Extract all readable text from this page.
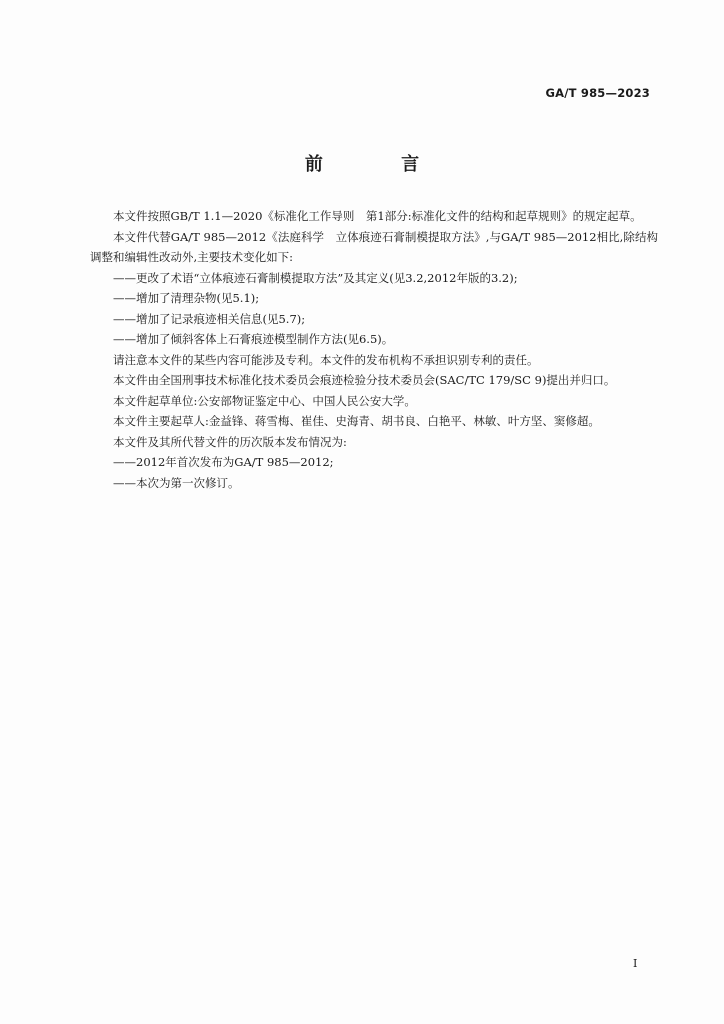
GA/T 985—2023
前 言

本文件按照GB/T 1.1—2020《标准化工作导则　第1部分:标准化文件的结构和起草规则》的规定起草。

本文件代替GA/T 985—2012《法庭科学　立体痕迹石膏制模提取方法》,与GA/T 985—2012相比,除结构调整和编辑性改动外,主要技术变化如下:

——更改了术语“立体痕迹石膏制模提取方法”及其定义(见3.2,2012年版的3.2);

——增加了清理杂物(见5.1);

——增加了记录痕迹相关信息(见5.7);

——增加了倾斜客体上石膏痕迹模型制作方法(见6.5)。

请注意本文件的某些内容可能涉及专利。本文件的发布机构不承担识别专利的责任。

本文件由全国刑事技术标准化技术委员会痕迹检验分技术委员会(SAC/TC 179/SC 9)提出并归口。

本文件起草单位:公安部物证鉴定中心、中国人民公安大学。

本文件主要起草人:金益锋、蒋雪梅、崔佳、史海青、胡书良、白艳平、林敏、叶方坚、窦修超。

本文件及其所代替文件的历次版本发布情况为:

——2012年首次发布为GA/T 985—2012;

——本次为第一次修订。

I
